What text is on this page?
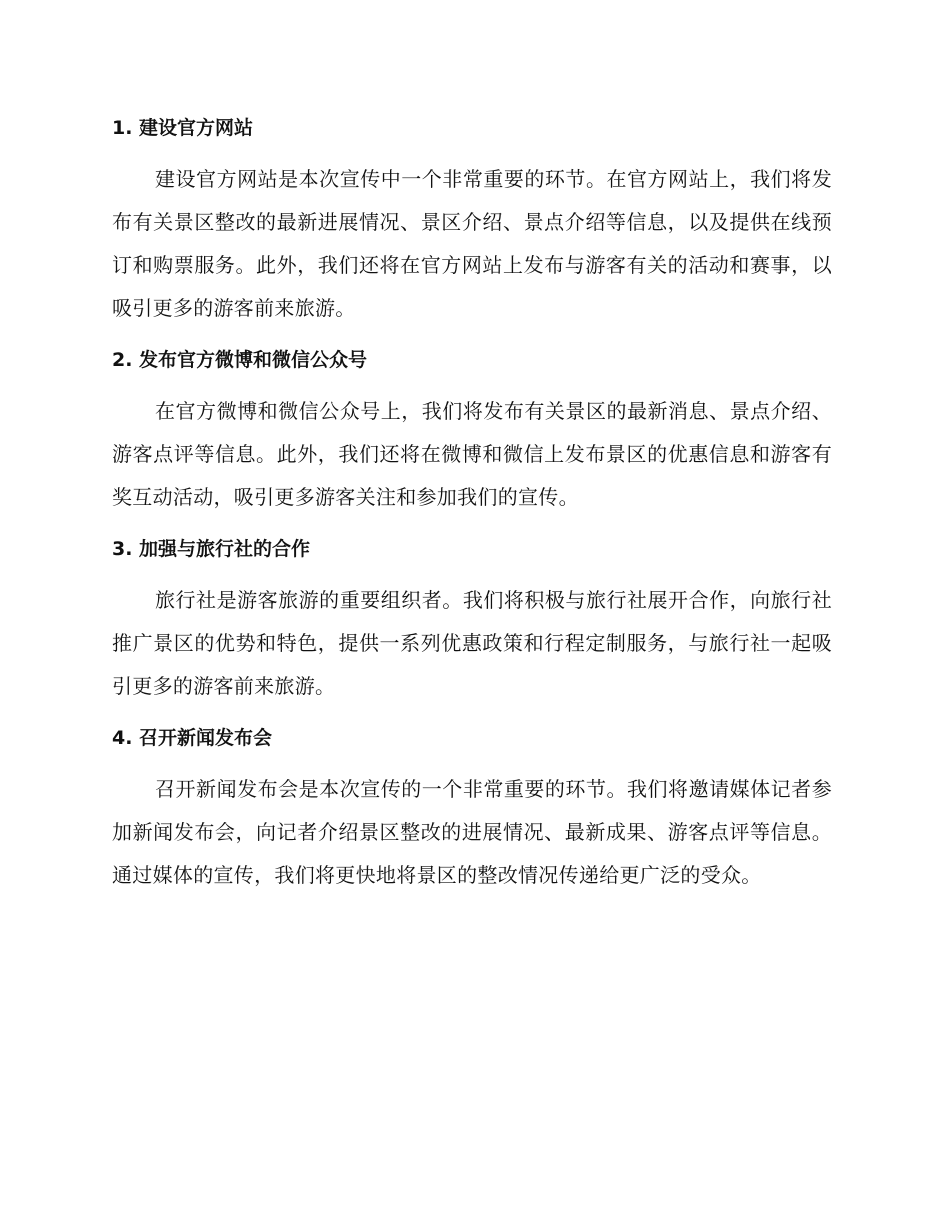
1. 建设官方网站

建设官方网站是本次宣传中一个非常重要的环节。在官方网站上，我们将发布有关景区整改的最新进展情况、景区介绍、景点介绍等信息，以及提供在线预订和购票服务。此外，我们还将在官方网站上发布与游客有关的活动和赛事，以吸引更多的游客前来旅游。

2. 发布官方微博和微信公众号

在官方微博和微信公众号上，我们将发布有关景区的最新消息、景点介绍、游客点评等信息。此外，我们还将在微博和微信上发布景区的优惠信息和游客有奖互动活动，吸引更多游客关注和参加我们的宣传。

3. 加强与旅行社的合作

旅行社是游客旅游的重要组织者。我们将积极与旅行社展开合作，向旅行社推广景区的优势和特色，提供一系列优惠政策和行程定制服务，与旅行社一起吸引更多的游客前来旅游。

4. 召开新闻发布会

召开新闻发布会是本次宣传的一个非常重要的环节。我们将邀请媒体记者参加新闻发布会，向记者介绍景区整改的进展情况、最新成果、游客点评等信息。通过媒体的宣传，我们将更快地将景区的整改情况传递给更广泛的受众。
